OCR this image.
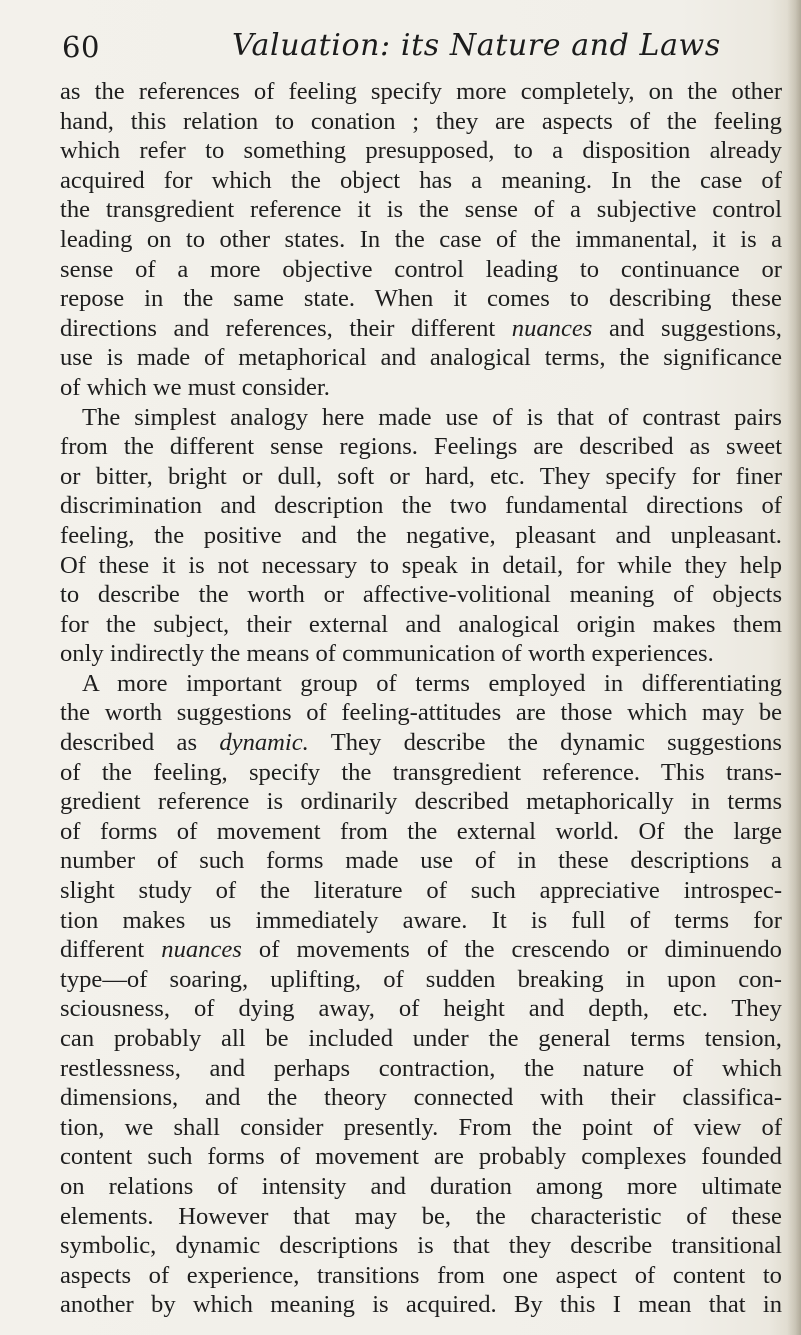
60	Valuation: its Nature and Laws

as the references of feeling specify more completely, on the other
hand, this relation to conation ; they are aspects of the feeling
which refer to something presupposed, to a disposition already
acquired for which the object has a meaning. In the case of
the transgredient reference it is the sense of a subjective control
leading on to other states. In the case of the immanental, it is a
sense of a more objective control leading to continuance or
repose in the same state. When it comes to describing these
directions and references, their different nuances and suggestions,
use is made of metaphorical and analogical terms, the significance
of which we must consider.

The simplest analogy here made use of is that of contrast pairs
from the different sense regions. Feelings are described as sweet
or bitter, bright or dull, soft or hard, etc. They specify for finer
discrimination and description the two fundamental directions of
feeling, the positive and the negative, pleasant and unpleasant.
Of these it is not necessary to speak in detail, for while they help
to describe the worth or affective-volitional meaning of objects
for the subject, their external and analogical origin makes them
only indirectly the means of communication of worth experiences.

A more important group of terms employed in differentiating
the worth suggestions of feeling-attitudes are those which may be
described as dynamic. They describe the dynamic suggestions
of the feeling, specify the transgredient reference. This trans-
gredient reference is ordinarily described metaphorically in terms
of forms of movement from the external world. Of the large
number of such forms made use of in these descriptions a
slight study of the literature of such appreciative introspec-
tion makes us immediately aware. It is full of terms for
different nuances of movements of the crescendo or diminuendo
type—of soaring, uplifting, of sudden breaking in upon con-
sciousness, of dying away, of height and depth, etc. They
can probably all be included under the general terms tension,
restlessness, and perhaps contraction, the nature of which
dimensions, and the theory connected with their classifica-
tion, we shall consider presently. From the point of view of
content such forms of movement are probably complexes founded
on relations of intensity and duration among more ultimate
elements. However that may be, the characteristic of these
symbolic, dynamic descriptions is that they describe transitional
aspects of experience, transitions from one aspect of content to
another by which meaning is acquired. By this I mean that in
